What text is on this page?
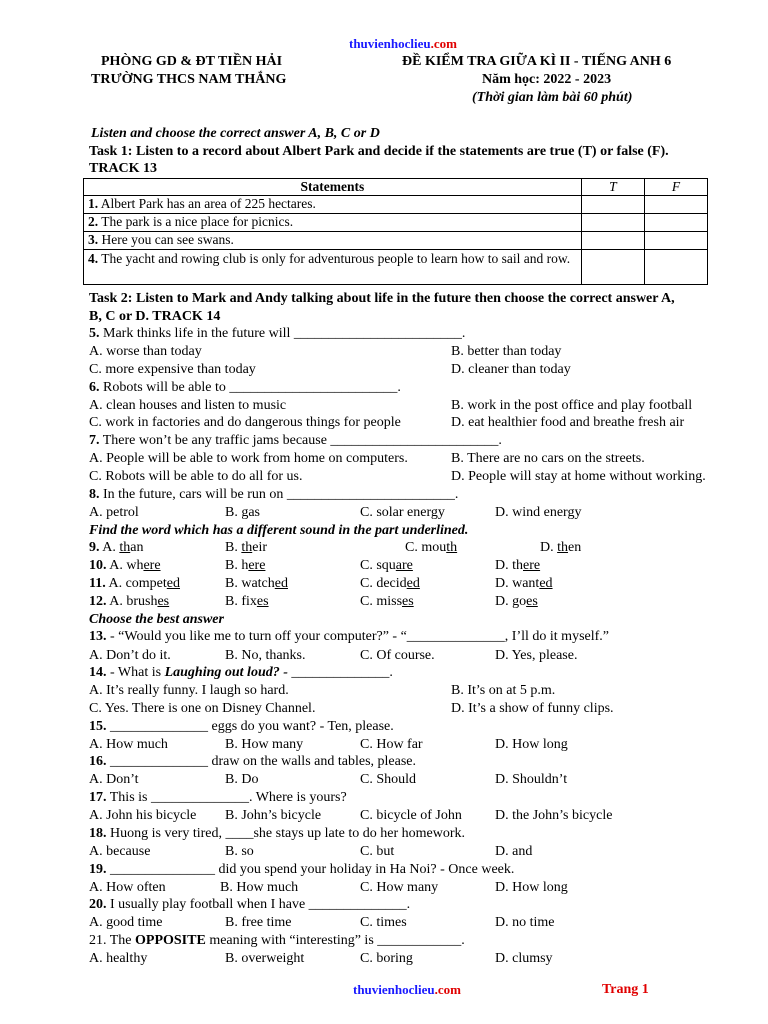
thuvienhoclieu.com
PHÒNG GD & ĐT TIỀN HẢI
TRƯỜNG THCS NAM THẮNG
ĐỀ KIỂM TRA GIỮA KÌ II - TIẾNG ANH 6
Năm học: 2022 - 2023
(Thời gian làm bài 60 phút)
Listen and choose the correct answer A, B, C or D
Task 1: Listen to a record about Albert Park and decide if the statements are true (T) or false (F).
TRACK 13
Statements	T	F
1. Albert Park has an area of 225 hectares.		
2. The park is a nice place for picnics.		
3. Here you can see swans.		
4. The yacht and rowing club is only for adventurous people to learn how to sail and row.		
Task 2: Listen to Mark and Andy talking about life in the future then choose the correct answer A,
B, C or D. TRACK 14
5. Mark thinks life in the future will ________________________.
A. worse than today	B. better than today
C. more expensive than today	D. cleaner than today
6. Robots will be able to ________________________.
A. clean houses and listen to music	B. work in the post office and play football
C. work in factories and do dangerous things for people	D. eat healthier food and breathe fresh air
7. There won’t be any traffic jams because ________________________.
A. People will be able to work from home on computers.	B. There are no cars on the streets.
C. Robots will be able to do all for us.	D. People will stay at home without working.
8. In the future, cars will be run on ________________________.
A. petrol	B. gas	C. solar energy	D. wind energy
Find the word which has a different sound in the part underlined.
9. A. than	B. their	C. mouth	D. then
10. A. where	B. here	C. square	D. there
11. A. competed	B. watched	C. decided	D. wanted
12. A. brushes	B. fixes	C. misses	D. goes
Choose the best answer
13. - “Would you like me to turn off your computer?” - “______________, I’ll do it myself.”
A. Don’t do it.	B. No, thanks.	C. Of course.	D. Yes, please.
14. - What is Laughing out loud? - ______________.
A. It’s really funny. I laugh so hard.	B. It’s on at 5 p.m.
C. Yes. There is one on Disney Channel.	D. It’s a show of funny clips.
15. ______________ eggs do you want? - Ten, please.
A. How much	B. How many	C. How far	D. How long
16. ______________ draw on the walls and tables, please.
A. Don’t	B. Do	C. Should	D. Shouldn’t
17. This is ______________. Where is yours?
A. John his bicycle B. John’s bicycle	C. bicycle of John D. the John’s bicycle
18. Huong is very tired, ____she stays up late to do her homework.
A. because	B. so	C. but	D. and
19. _______________ did you spend your holiday in Ha Noi? - Once week.
A. How often	B. How much	C. How many	D. How long
20. I usually play football when I have ______________.
A. good time	B. free time	C. times	D. no time
21. The OPPOSITE meaning with “interesting” is ____________.
A. healthy	B. overweight	C. boring	D. clumsy
thuvienhoclieu.com	Trang 1
